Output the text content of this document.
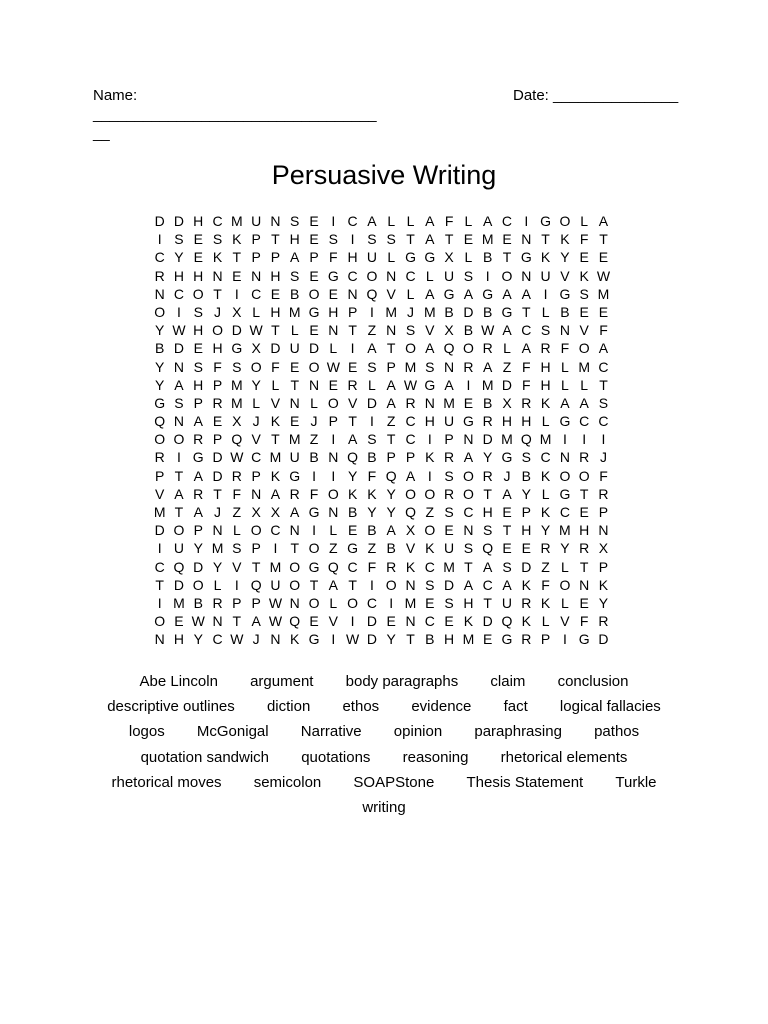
Name:
____________________________________
Date: _______________
Persuasive Writing
D D H C M U N S E I C A L L A F L A C I G O L A
I S E S K P T H E S I S S T A T E M E N T K F T
C Y E K T P P A P F H U L G G X L B T G K Y E E
R H H N E N H S E G C O N C L U S I O N U V K W
N C O T I C E B O E N Q V L A G A G A A I G S M
O I S J X L H M G H P I M J M B D B G T L B E E
Y W H O D W T L E N T Z N S V X B W A C S N V F
B D E H G X D U D L I A T O A Q O R L A R F O A
Y N S F S O F E O W E S P M S N R A Z F H L M C
Y A H P M Y L T N E R L A W G A I M D F H L L T
G S P R M L V N L O V D A R N M E B X R K A A S
Q N A E X J K E J P T I Z C H U G R H H L G C C
O O R P Q V T M Z I A S T C I P N D M Q M I	I	I
R I G D W C M U B N Q B P P K R A Y G S C N R J
P T A D R P K G I	I Y F Q A I S O R J B K O O F
V A R T F N A R F O K K Y O O R O T A Y L G T R
M T A J Z X X A G N B Y Y Q Z S C H E P K C E P
D O P N L O C N I L E B A X O E N S T H Y M H N
I U Y M S P I T O Z G Z B V K U S Q E E R Y R X
C Q D Y V T M O G Q C F R K C M T A S D Z L T P
T D O L I Q U O T A T I O N S D A C A K F O N K
I M B R P P W N O L O C I M E S H T U R K L E Y
O E W N T A W Q E V I D E N C E K D Q K L V F R
N H Y C W J N K G I W D Y T B H M E G R P I G D
Abe Lincoln argument body paragraphs claim conclusion descriptive outlines diction ethos evidence fact logical fallacies logos McGonigal Narrative opinion paraphrasing pathos quotation sandwich quotations reasoning rhetorical elements rhetorical moves semicolon SOAPStone Thesis Statement Turkle writing
